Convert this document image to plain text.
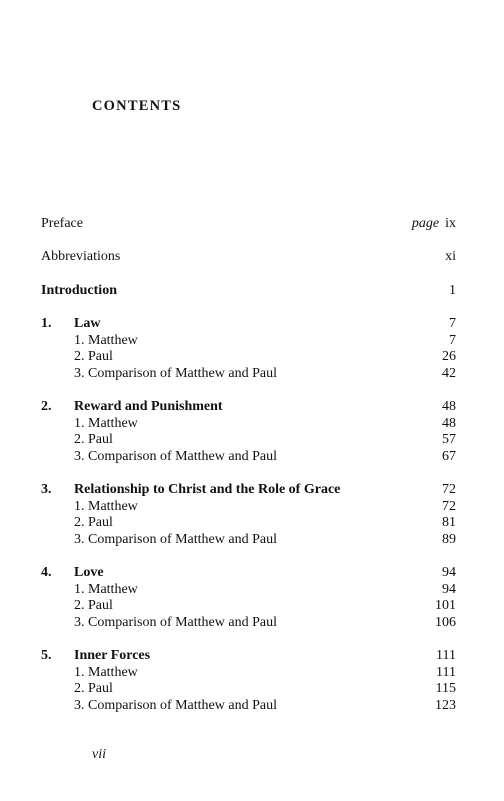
CONTENTS
Preface	page ix
Abbreviations	xi
Introduction	1
1. Law	7
1. Matthew	7
2. Paul	26
3. Comparison of Matthew and Paul	42
2. Reward and Punishment	48
1. Matthew	48
2. Paul	57
3. Comparison of Matthew and Paul	67
3. Relationship to Christ and the Role of Grace	72
1. Matthew	72
2. Paul	81
3. Comparison of Matthew and Paul	89
4. Love	94
1. Matthew	94
2. Paul	101
3. Comparison of Matthew and Paul	106
5. Inner Forces	111
1. Matthew	111
2. Paul	115
3. Comparison of Matthew and Paul	123
vii
